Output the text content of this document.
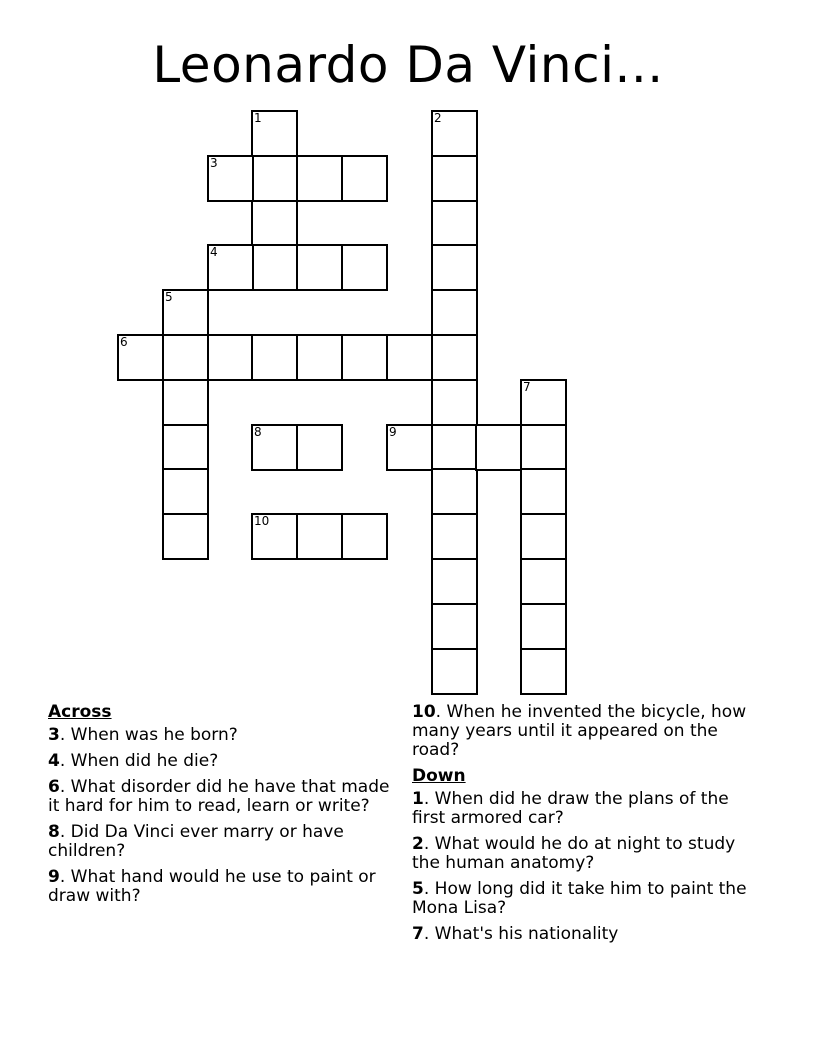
Leonardo Da Vinci...
1	2
3
4
5
6
7
8	9
10
Across
3. When was he born?
4. When did he die?
6. What disorder did he have that made it hard for him to read, learn or write?
8. Did Da Vinci ever marry or have children?
9. What hand would he use to paint or draw with?
10. When he invented the bicycle, how many years until it appeared on the road?
Down
1. When did he draw the plans of the first armored car?
2. What would he do at night to study the human anatomy?
5. How long did it take him to paint the Mona Lisa?
7. What's his nationality
